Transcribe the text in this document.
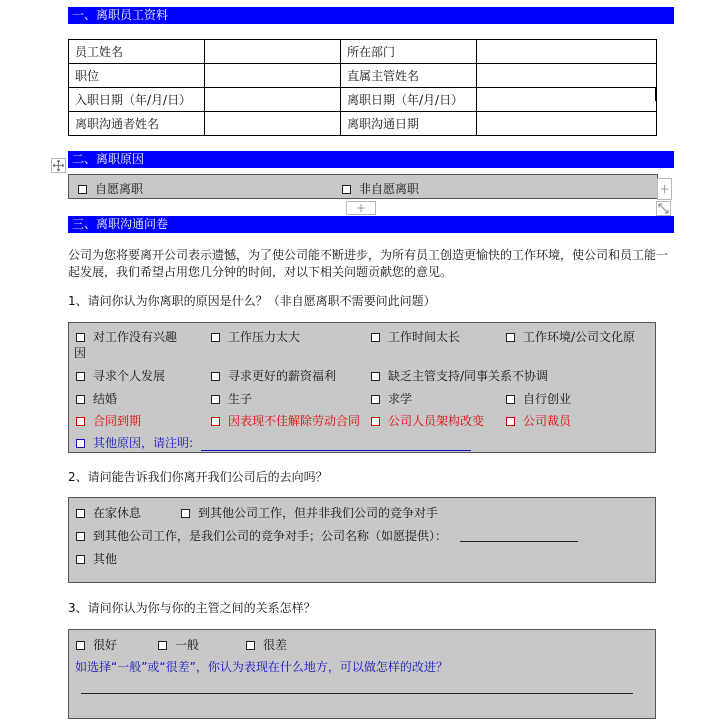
一、离职员工资料
员工姓名		所在部门	
职位		直属主管姓名	
入职日期（年/月/日）		离职日期（年/月/日）	
离职沟通者姓名		离职沟通日期	
二、离职原因
自愿离职	非自愿离职	+
+
三、离职沟通问卷
公司为您将要离开公司表示遗憾，为了使公司能不断进步，为所有员工创造更愉快的工作环境，使公司和员工能一
起发展，我们希望占用您几分钟的时间，对以下相关问题贡献您的意见。
1、请问你认为你离职的原因是什么？（非自愿离职不需要问此问题）
对工作没有兴趣	工作压力太大	工作时间太长	工作环境/公司文化原
因
寻求个人发展	寻求更好的薪资福利	缺乏主管支持/同事关系不协调
结婚	生子	求学	自行创业
合同到期	因表现不佳解除劳动合同	公司人员架构改变	公司裁员
其他原因，请注明:
2、请问能告诉我们你离开我们公司后的去向吗？
在家休息	到其他公司工作，但并非我们公司的竞争对手
到其他公司工作，是我们公司的竞争对手；公司名称（如愿提供）：
其他
3、请问你认为你与你的主管之间的关系怎样？
很好	一般	很差
如选择“一般”或“很差”，你认为表现在什么地方，可以做怎样的改进？
